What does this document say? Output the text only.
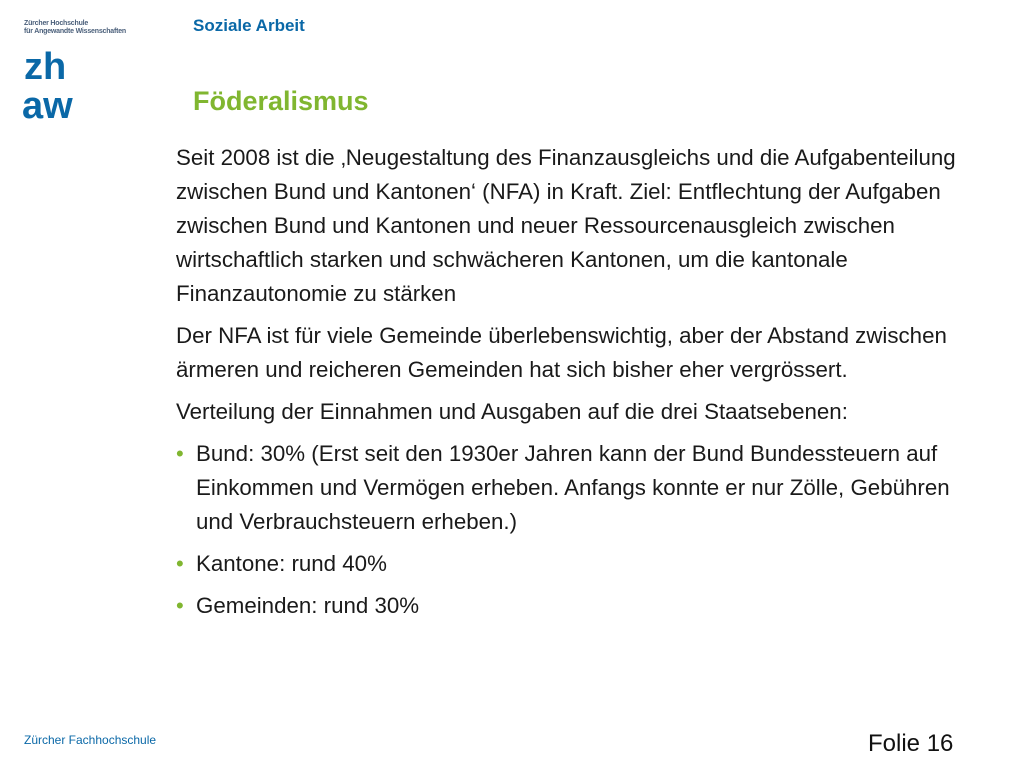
Zürcher Hochschule
für Angewandte Wissenschaften
zh
aw
Soziale Arbeit
Föderalismus

Seit 2008 ist die ‚Neugestaltung des Finanzausgleichs und die Aufgabenteilung zwischen Bund und Kantonen‘ (NFA) in Kraft. Ziel: Entflechtung der Aufgaben zwischen Bund und Kantonen und neuer Ressourcenausgleich zwischen wirtschaftlich starken und schwächeren Kantonen, um die kantonale Finanzautonomie zu stärken

Der NFA ist für viele Gemeinde überlebenswichtig, aber der Abstand zwischen ärmeren und reicheren Gemeinden hat sich bisher eher vergrössert.

Verteilung der Einnahmen und Ausgaben auf die drei Staatsebenen:

• Bund: 30% (Erst seit den 1930er Jahren kann der Bund Bundessteuern auf Einkommen und Vermögen erheben. Anfangs konnte er nur Zölle, Gebühren und Verbrauchsteuern erheben.)
• Kantone: rund 40%
• Gemeinden: rund 30%
Zürcher Fachhochschule	Folie 16
